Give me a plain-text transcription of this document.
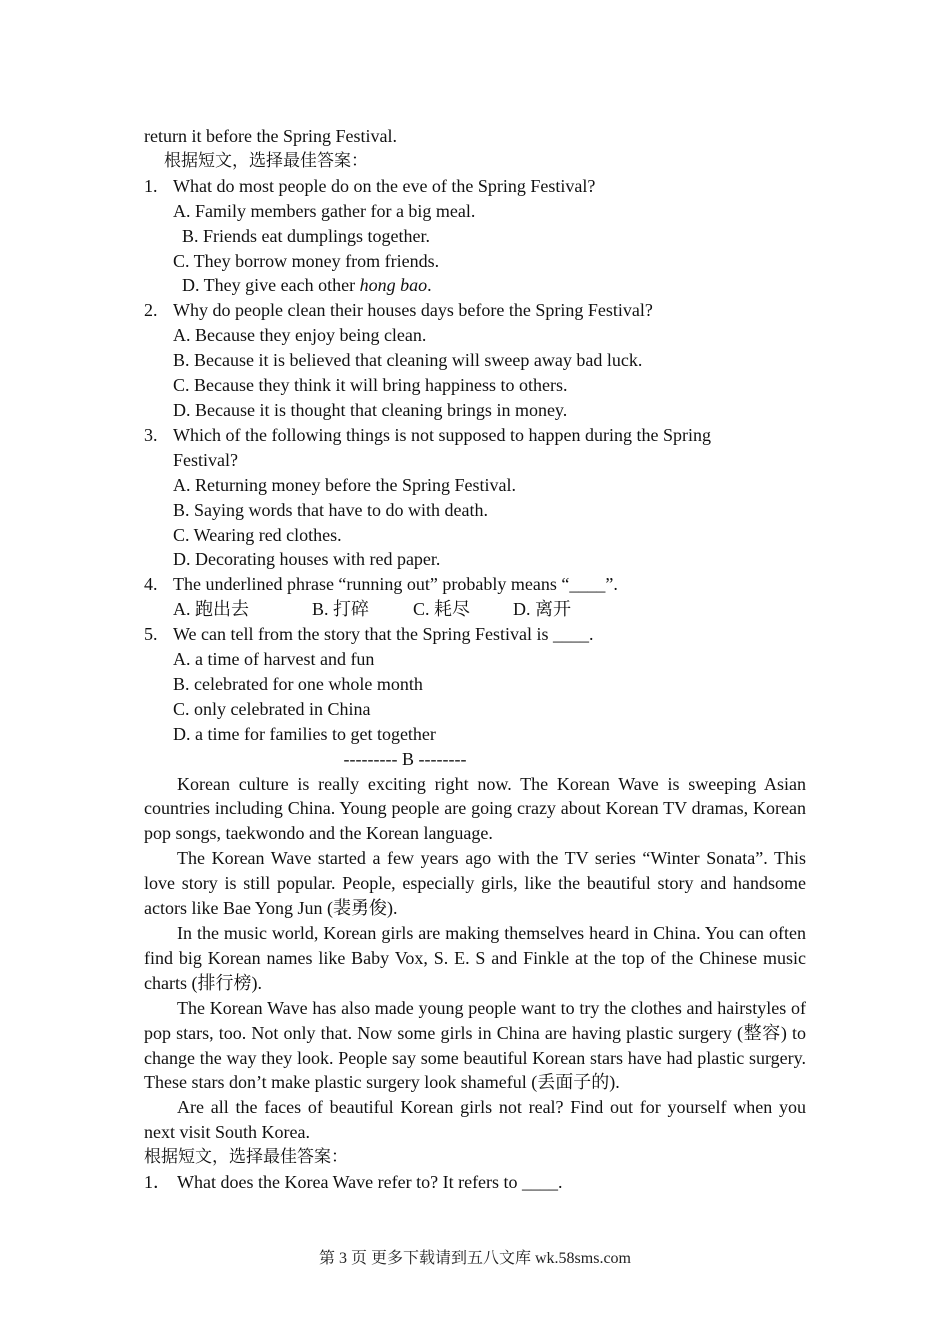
return it before the Spring Festival.
根据短文，选择最佳答案：
1. What do most people do on the eve of the Spring Festival?
A. Family members gather for a big meal.
B. Friends eat dumplings together.
C. They borrow money from friends.
D. They give each other hong bao.
2. Why do people clean their houses days before the Spring Festival?
A. Because they enjoy being clean.
B. Because it is believed that cleaning will sweep away bad luck.
C. Because they think it will bring happiness to others.
D. Because it is thought that cleaning brings in money.
3. Which of the following things is not supposed to happen during the Spring
Festival?
A. Returning money before the Spring Festival.
B. Saying words that have to do with death.
C. Wearing red clothes.
D. Decorating houses with red paper.
4. The underlined phrase “running out” probably means “____”.
A. 跑出去	B. 打碎 C. 耗尽 D. 离开
5. We can tell from the story that the Spring Festival is ____.
A. a time of harvest and fun
B. celebrated for one whole month
C. only celebrated in China
D. a time for families to get together
--------- B --------
Korean culture is really exciting right now. The Korean Wave is sweeping Asian countries including China. Young people are going crazy about Korean TV dramas, Korean pop songs, taekwondo and the Korean language.
The Korean Wave started a few years ago with the TV series “Winter Sonata”. This love story is still popular. People, especially girls, like the beautiful story and handsome actors like Bae Yong Jun (裴勇俊).
In the music world, Korean girls are making themselves heard in China. You can often find big Korean names like Baby Vox, S. E. S and Finkle at the top of the Chinese music charts (排行榜).
The Korean Wave has also made young people want to try the clothes and hairstyles of pop stars, too. Not only that. Now some girls in China are having plastic surgery (整容) to change the way they look. People say some beautiful Korean stars have had plastic surgery. These stars don’t make plastic surgery look shameful (丢面子的).
Are all the faces of beautiful Korean girls not real? Find out for yourself when you next visit South Korea.
根据短文，选择最佳答案：
1． What does the Korea Wave refer to? It refers to ____.
第 3 页 更多下载请到五八文库 wk.58sms.com
